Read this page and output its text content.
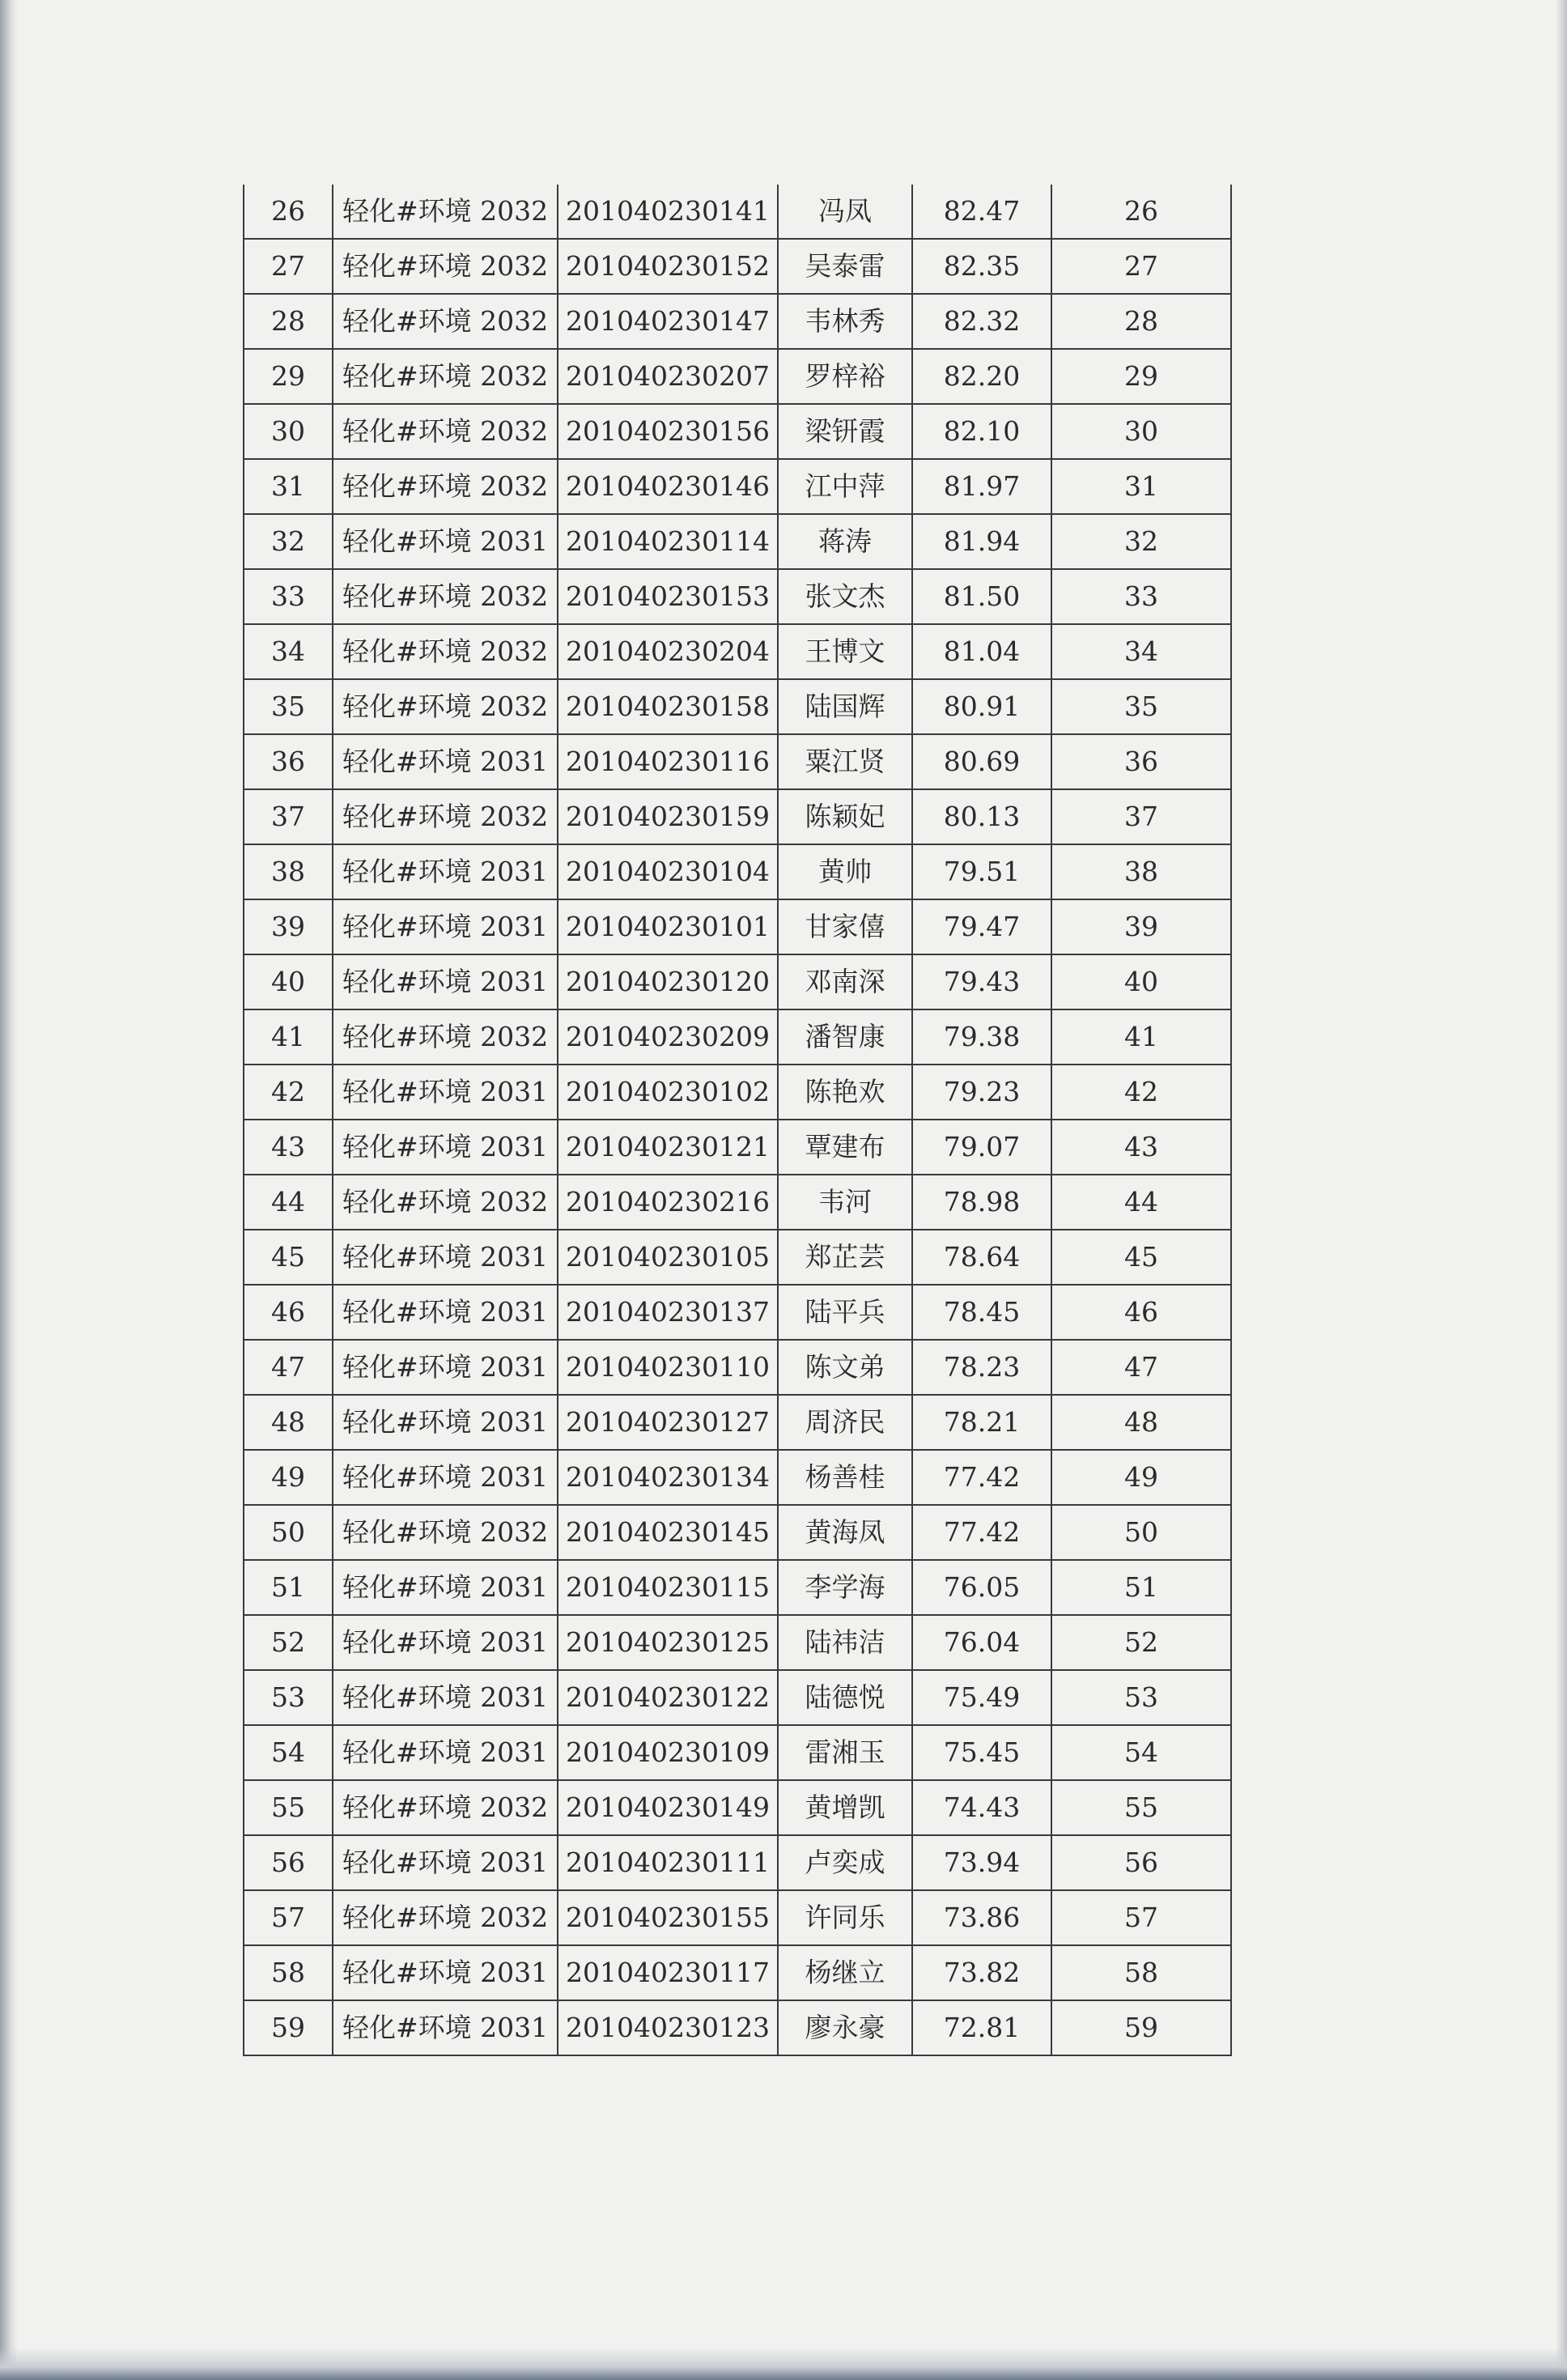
26	轻化#环境 2032	201040230141	冯凤	82.47	26
27	轻化#环境 2032	201040230152	吴泰雷	82.35	27
28	轻化#环境 2032	201040230147	韦林秀	82.32	28
29	轻化#环境 2032	201040230207	罗梓裕	82.20	29
30	轻化#环境 2032	201040230156	梁钘霞	82.10	30
31	轻化#环境 2032	201040230146	江中萍	81.97	31
32	轻化#环境 2031	201040230114	蒋涛	81.94	32
33	轻化#环境 2032	201040230153	张文杰	81.50	33
34	轻化#环境 2032	201040230204	王博文	81.04	34
35	轻化#环境 2032	201040230158	陆国辉	80.91	35
36	轻化#环境 2031	201040230116	粟江贤	80.69	36
37	轻化#环境 2032	201040230159	陈颖妃	80.13	37
38	轻化#环境 2031	201040230104	黄帅	79.51	38
39	轻化#环境 2031	201040230101	甘家僖	79.47	39
40	轻化#环境 2031	201040230120	邓南深	79.43	40
41	轻化#环境 2032	201040230209	潘智康	79.38	41
42	轻化#环境 2031	201040230102	陈艳欢	79.23	42
43	轻化#环境 2031	201040230121	覃建布	79.07	43
44	轻化#环境 2032	201040230216	韦河	78.98	44
45	轻化#环境 2031	201040230105	郑芷芸	78.64	45
46	轻化#环境 2031	201040230137	陆平兵	78.45	46
47	轻化#环境 2031	201040230110	陈文弟	78.23	47
48	轻化#环境 2031	201040230127	周济民	78.21	48
49	轻化#环境 2031	201040230134	杨善桂	77.42	49
50	轻化#环境 2032	201040230145	黄海凤	77.42	50
51	轻化#环境 2031	201040230115	李学海	76.05	51
52	轻化#环境 2031	201040230125	陆祎洁	76.04	52
53	轻化#环境 2031	201040230122	陆德悦	75.49	53
54	轻化#环境 2031	201040230109	雷湘玉	75.45	54
55	轻化#环境 2032	201040230149	黄增凯	74.43	55
56	轻化#环境 2031	201040230111	卢奕成	73.94	56
57	轻化#环境 2032	201040230155	许同乐	73.86	57
58	轻化#环境 2031	201040230117	杨继立	73.82	58
59	轻化#环境 2031	201040230123	廖永豪	72.81	59
